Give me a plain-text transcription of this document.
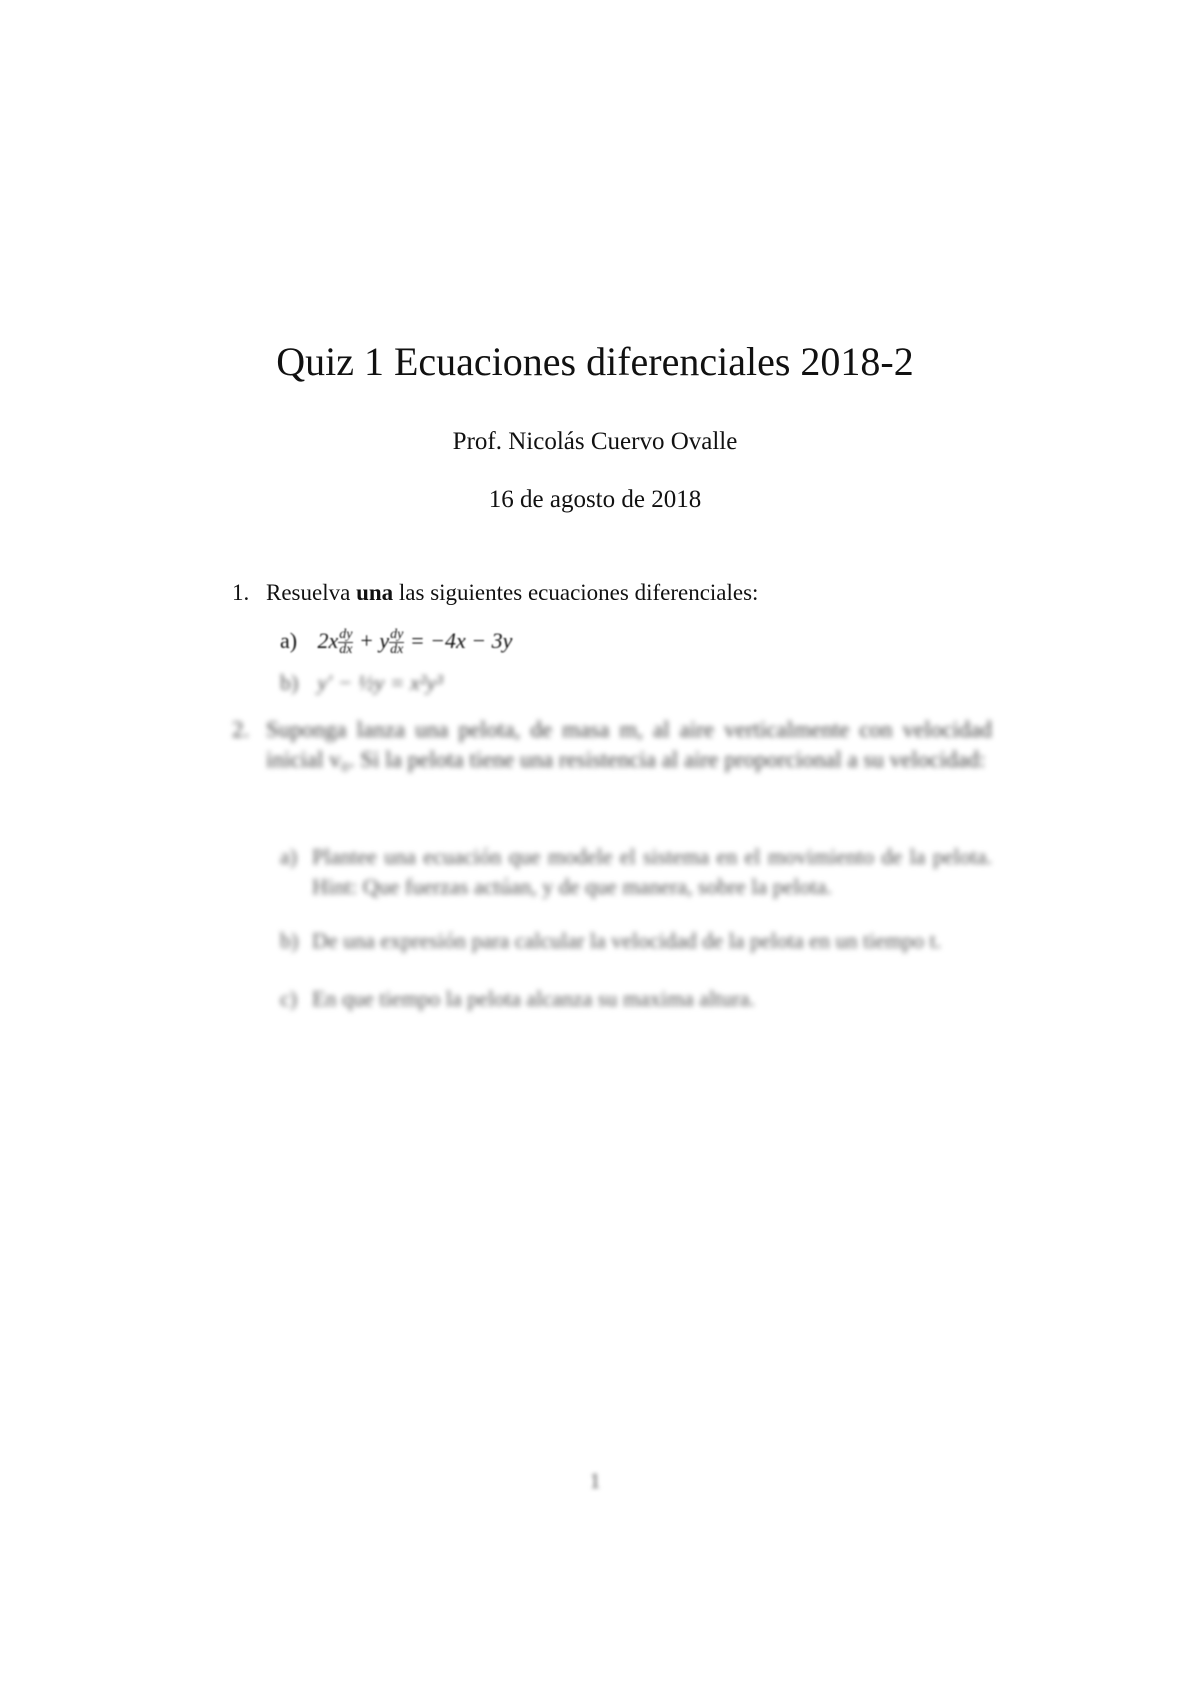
Quiz 1 Ecuaciones diferenciales 2018-2
Prof. Nicolás Cuervo Ovalle
16 de agosto de 2018
1. Resuelva una las siguientes ecuaciones diferenciales:
a) $2x \frac{dy}{dx} + y \frac{dy}{dx} = -4x - 3y$
b) y′ − ½y = x²y³
2. Suponga lanza una pelota, de masa m, al aire verticalmente con velocidad inicial v₀. Si la pelota tiene una resistencia al aire proporcional a su velocidad:
a) Plantee una ecuación que modele el sistema en el movimiento de la pelota. Hint: Que fuerzas actúan, y de que manera, sobre la pelota.
b) De una expresión para calcular la velocidad de la pelota en un tiempo t.
c) En que tiempo la pelota alcanza su maxima altura.
1
